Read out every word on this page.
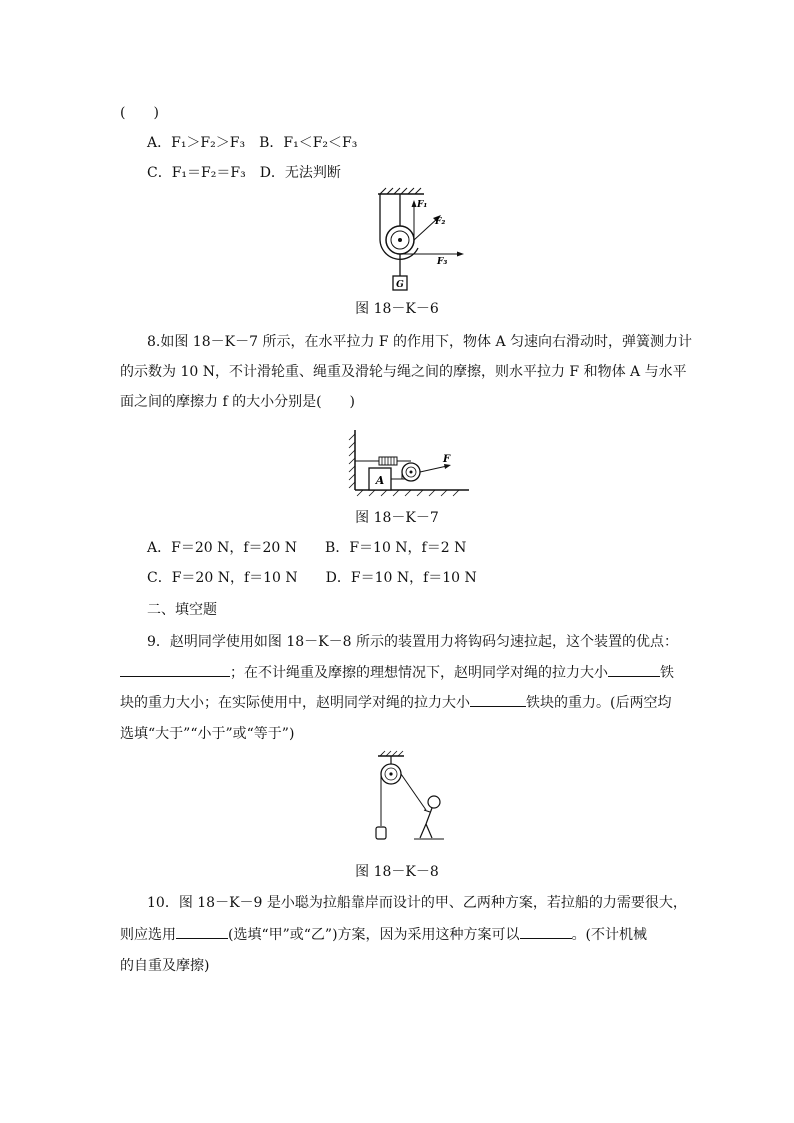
(　　)
A．F₁＞F₂＞F₃　B．F₁＜F₂＜F₃
C．F₁＝F₂＝F₃　D．无法判断
F₁
F₂
F₃
G
图 18－K－6
8.如图 18－K－7 所示，在水平拉力 F 的作用下，物体 A 匀速向右滑动时，弹簧测力计
的示数为 10 N，不计滑轮重、绳重及滑轮与绳之间的摩擦，则水平拉力 F 和物体 A 与水平
面之间的摩擦力 f 的大小分别是(　　)
A
F
图 18－K－7
A．F＝20 N，f＝20 N　　B．F＝10 N，f＝2 N
C．F＝20 N，f＝10 N　　D．F＝10 N，f＝10 N
二、填空题
9．赵明同学使用如图 18－K－8 所示的装置用力将钩码匀速拉起，这个装置的优点：
；在不计绳重及摩擦的理想情况下，赵明同学对绳的拉力大小	铁
块的重力大小；在实际使用中，赵明同学对绳的拉力大小	铁块的重力。(后两空均
选填“大于”“小于”或“等于”)
图 18－K－8
10．图 18－K－9 是小聪为拉船靠岸而设计的甲、乙两种方案，若拉船的力需要很大，
则应选用	(选填“甲”或“乙”)方案，因为采用这种方案可以	。(不计机械
的自重及摩擦)
